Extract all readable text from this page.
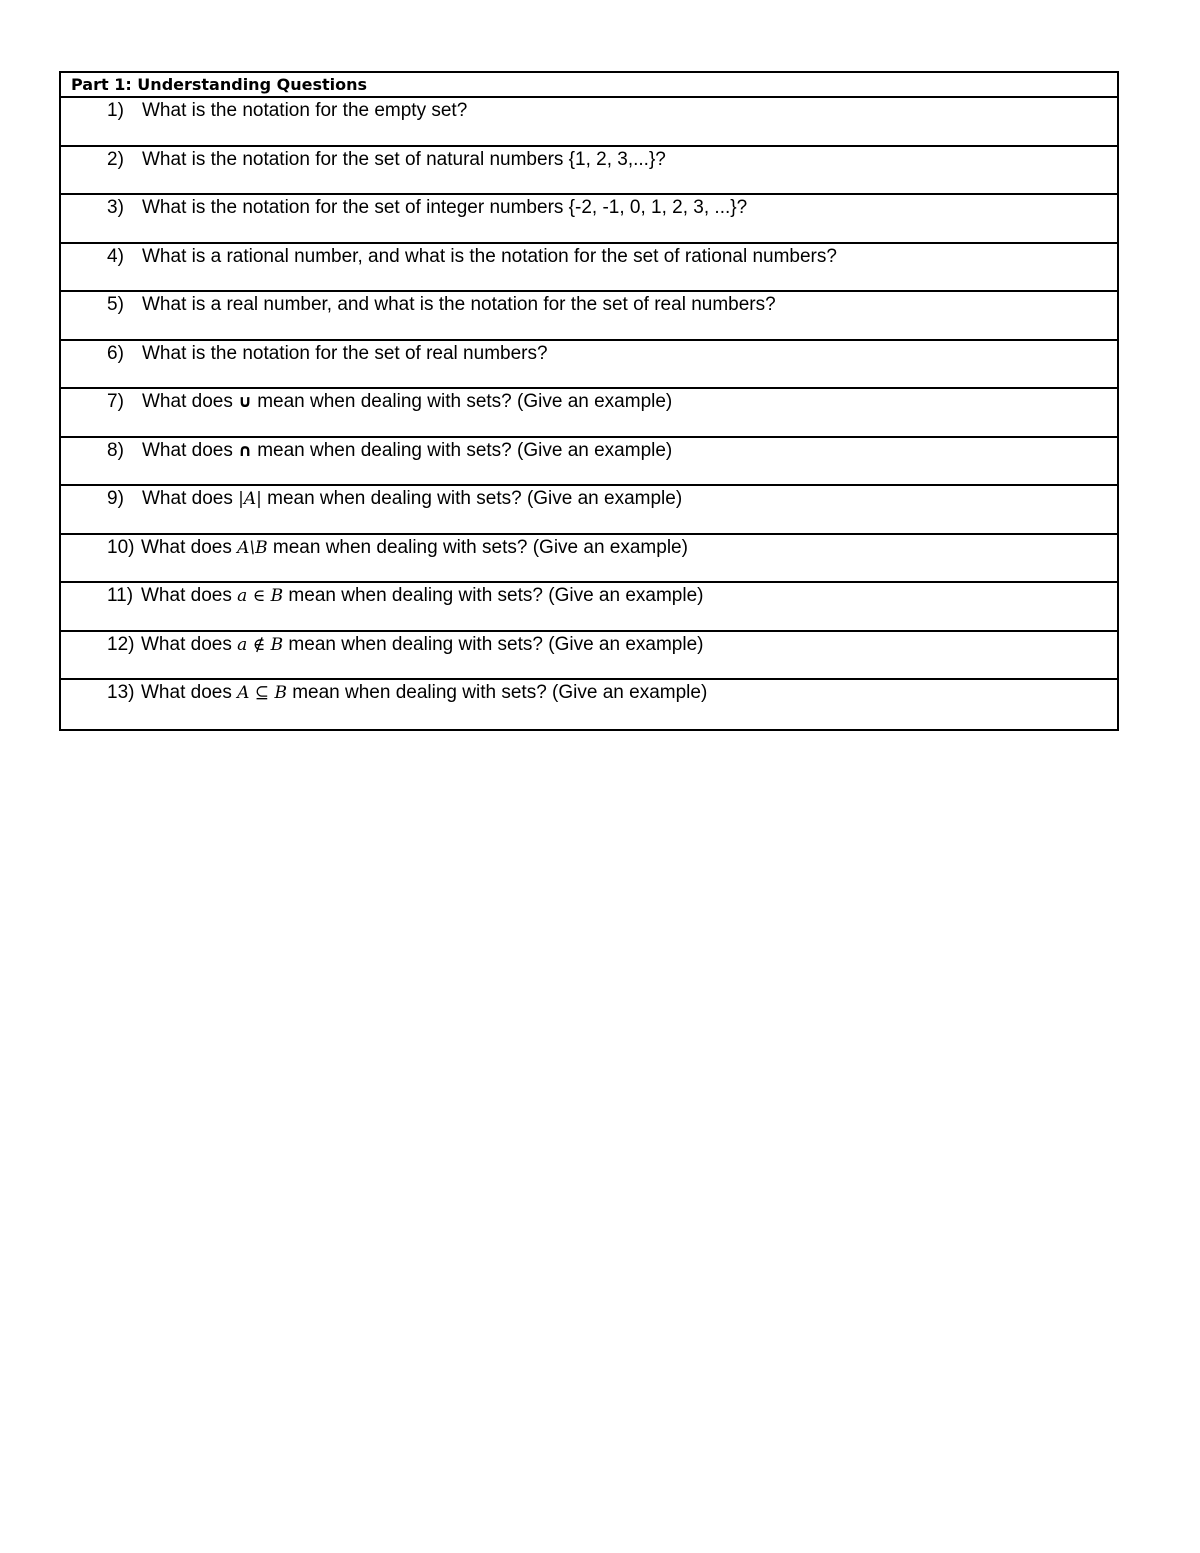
Part 1: Understanding Questions
1) What is the notation for the empty set?
2) What is the notation for the set of natural numbers {1, 2, 3,...}?
3) What is the notation for the set of integer numbers {-2, -1, 0, 1, 2, 3, ...}?
4) What is a rational number, and what is the notation for the set of rational numbers?
5) What is a real number, and what is the notation for the set of real numbers?
6) What is the notation for the set of real numbers?
7) What does ∪ mean when dealing with sets? (Give an example)
8) What does ∩ mean when dealing with sets? (Give an example)
9) What does |A| mean when dealing with sets? (Give an example)
10) What does A\B mean when dealing with sets? (Give an example)
11) What does a ∈ B mean when dealing with sets? (Give an example)
12) What does a ∉ B mean when dealing with sets? (Give an example)
13) What does A ⊆ B mean when dealing with sets? (Give an example)
